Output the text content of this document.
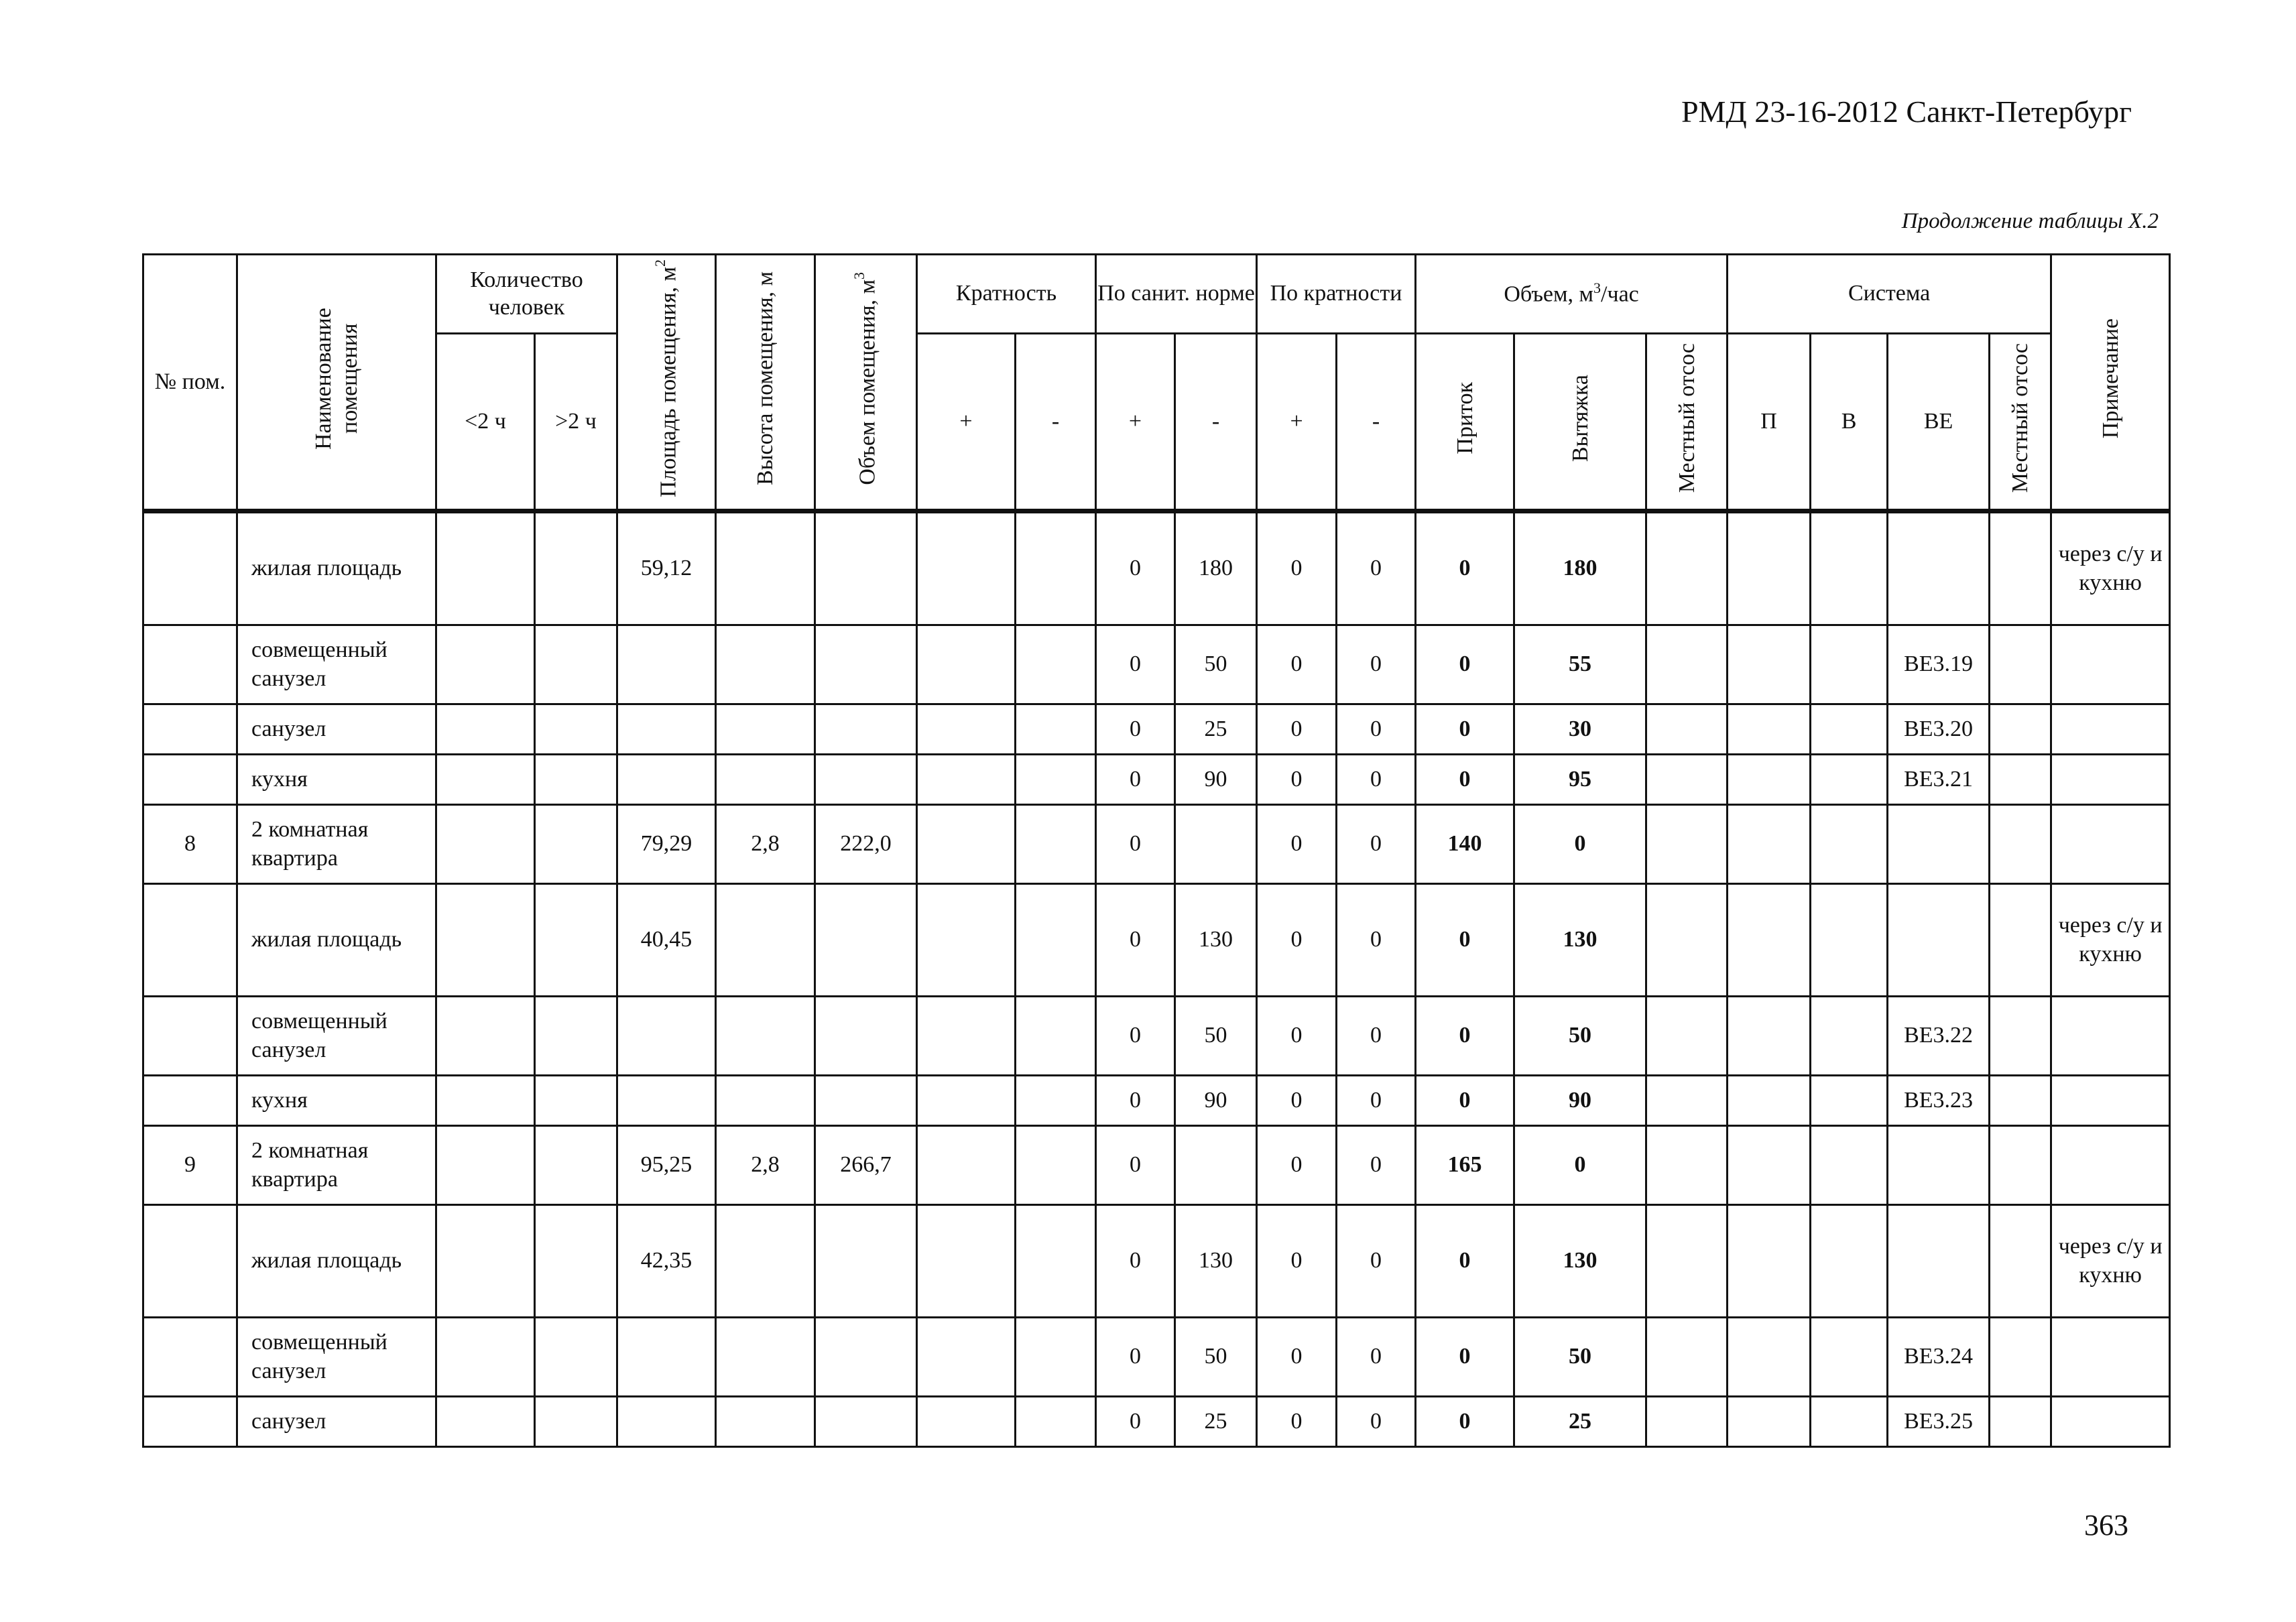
РМД 23-16-2012 Санкт-Петербург
Продолжение таблицы X.2
№ пом.	Наименование помещения	Количество человек		Площадь помещения, $м^2$	Высота помещения, м	Объем помещения, $м^3$	Кратность		По санит. норме		По кратности		Объем, $м^3$/час			Система				Примечание
		<2 ч	>2 ч				+	-	+	-	+	-	Приток	Вытяжка	Местный отсос	П	В	ВЕ	Местный отсос	
	жилая площадь			59,12					0	180	0	0	0	180						через с/у и кухню
	совмещенный санузел								0	50	0	0	0	55				ВЕ3.19		
	санузел								0	25	0	0	0	30				ВЕ3.20		
	кухня								0	90	0	0	0	95				ВЕ3.21		
8	2 комнатная квартира			79,29	2,8	222,0			0		0	0	140	0						
	жилая площадь			40,45					0	130	0	0	0	130						через с/у и кухню
	совмещенный санузел								0	50	0	0	0	50				ВЕ3.22		
	кухня								0	90	0	0	0	90				ВЕ3.23		
9	2 комнатная квартира			95,25	2,8	266,7			0		0	0	165	0						
	жилая площадь			42,35					0	130	0	0	0	130						через с/у и кухню
	совмещенный санузел								0	50	0	0	0	50				ВЕ3.24		
	санузел								0	25	0	0	0	25				ВЕ3.25		
363
